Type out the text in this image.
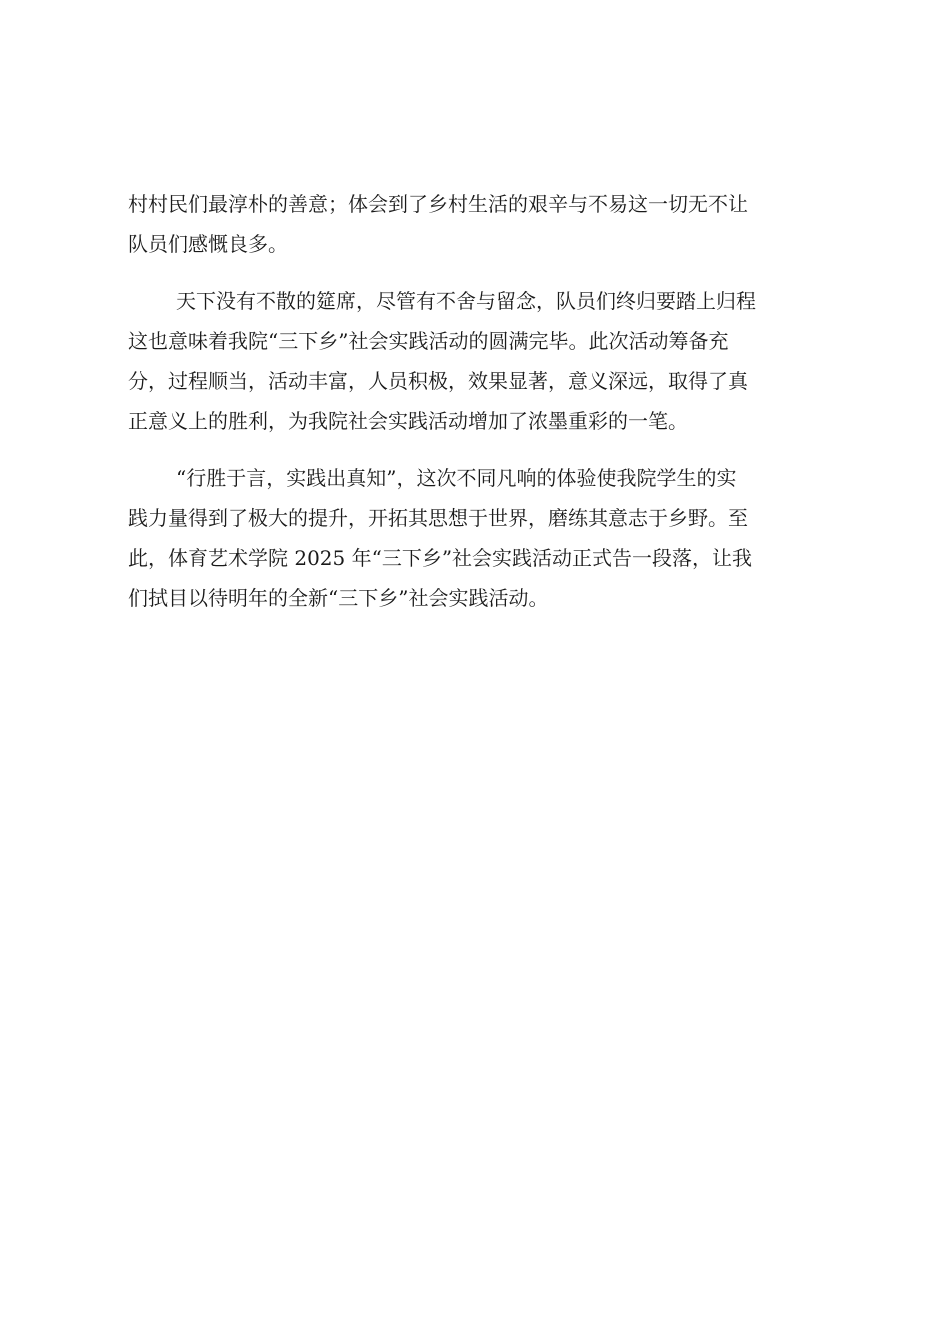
村村民们最淳朴的善意；体会到了乡村生活的艰辛与不易这一切无不让
队员们感慨良多。
天下没有不散的筵席，尽管有不舍与留念，队员们终归要踏上归程
这也意味着我院“三下乡”社会实践活动的圆满完毕。此次活动筹备充
分，过程顺当，活动丰富，人员积极，效果显著，意义深远，取得了真
正意义上的胜利，为我院社会实践活动增加了浓墨重彩的一笔。
“行胜于言，实践出真知”，这次不同凡响的体验使我院学生的实
践力量得到了极大的提升，开拓其思想于世界，磨练其意志于乡野。至
此，体育艺术学院 2025 年“三下乡”社会实践活动正式告一段落，让我
们拭目以待明年的全新“三下乡”社会实践活动。
